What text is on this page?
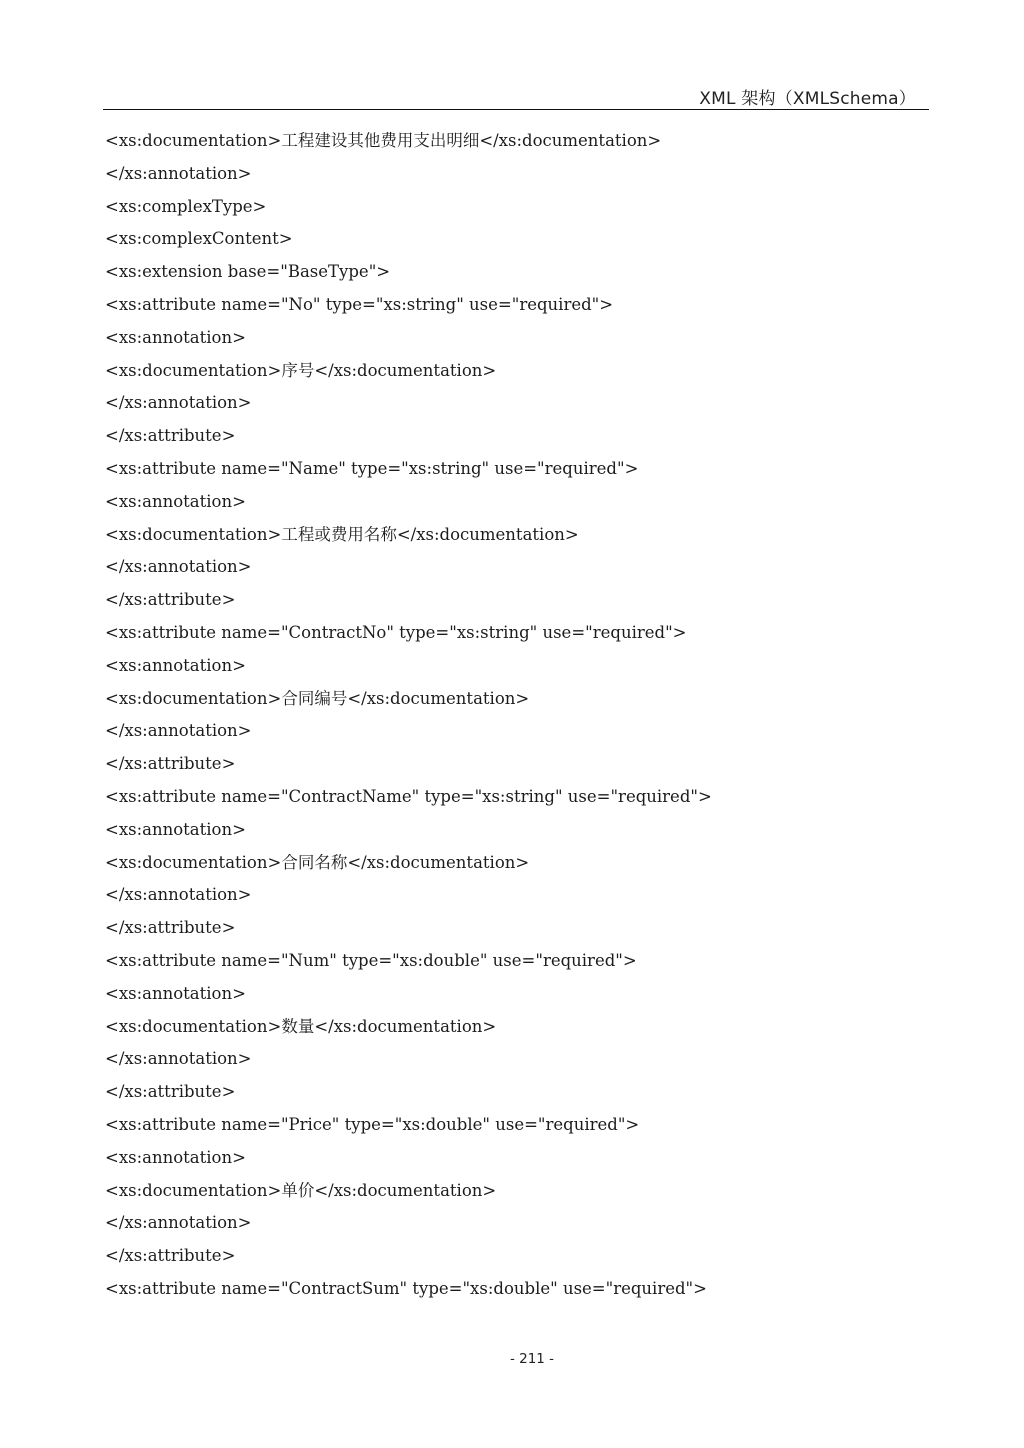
XML 架构（XMLSchema）
<xs:documentation>工程建设其他费用支出明细</xs:documentation>
</xs:annotation>
<xs:complexType>
<xs:complexContent>
<xs:extension base="BaseType">
<xs:attribute name="No" type="xs:string" use="required">
<xs:annotation>
<xs:documentation>序号</xs:documentation>
</xs:annotation>
</xs:attribute>
<xs:attribute name="Name" type="xs:string" use="required">
<xs:annotation>
<xs:documentation>工程或费用名称</xs:documentation>
</xs:annotation>
</xs:attribute>
<xs:attribute name="ContractNo" type="xs:string" use="required">
<xs:annotation>
<xs:documentation>合同编号</xs:documentation>
</xs:annotation>
</xs:attribute>
<xs:attribute name="ContractName" type="xs:string" use="required">
<xs:annotation>
<xs:documentation>合同名称</xs:documentation>
</xs:annotation>
</xs:attribute>
<xs:attribute name="Num" type="xs:double" use="required">
<xs:annotation>
<xs:documentation>数量</xs:documentation>
</xs:annotation>
</xs:attribute>
<xs:attribute name="Price" type="xs:double" use="required">
<xs:annotation>
<xs:documentation>单价</xs:documentation>
</xs:annotation>
</xs:attribute>
<xs:attribute name="ContractSum" type="xs:double" use="required">
- 211 -
